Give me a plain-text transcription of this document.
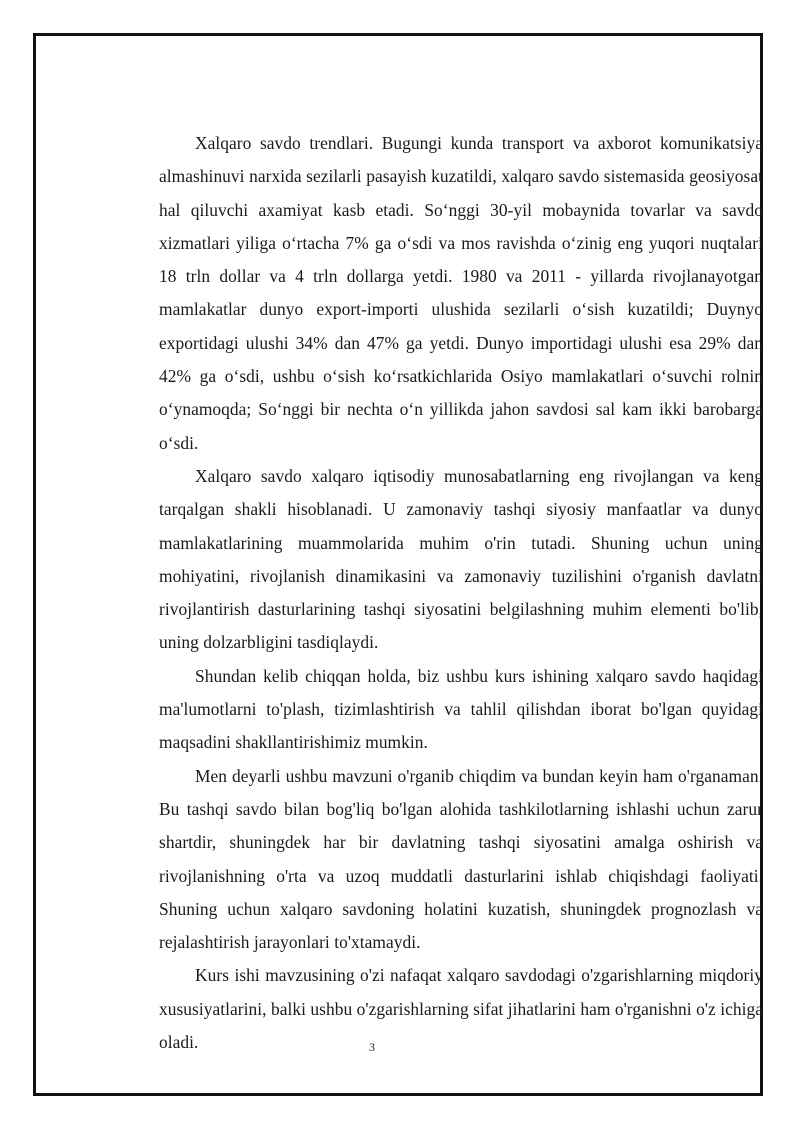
Xalqaro savdo trendlari. Bugungi kunda transport va axborot komunikatsiya almashinuvi narxida sezilarli pasayish kuzatildi, xalqaro savdo sistemasida geosiyosat hal qiluvchi axamiyat kasb etadi. So‘nggi 30-yil mobaynida tovarlar va savdo xizmatlari yiliga o‘rtacha 7% ga o‘sdi va mos ravishda o‘zinig eng yuqori nuqtalari 18 trln dollar va 4 trln dollarga yetdi. 1980 va 2011 - yillarda rivojlanayotgan mamlakatlar dunyo export-importi ulushida sezilarli o‘sish kuzatildi; Duynyo exportidagi ulushi 34% dan 47% ga yetdi. Dunyo importidagi ulushi esa 29% dan 42% ga o‘sdi, ushbu o‘sish ko‘rsatkichlarida Osiyo mamlakatlari o‘suvchi rolnin o‘ynamoqda; So‘nggi bir nechta o‘n yillikda jahon savdosi sal kam ikki barobarga o‘sdi.

Xalqaro savdo xalqaro iqtisodiy munosabatlarning eng rivojlangan va keng tarqalgan shakli hisoblanadi. U zamonaviy tashqi siyosiy manfaatlar va dunyo mamlakatlarining muammolarida muhim o'rin tutadi. Shuning uchun uning mohiyatini, rivojlanish dinamikasini va zamonaviy tuzilishini o'rganish davlatni rivojlantirish dasturlarining tashqi siyosatini belgilashning muhim elementi bo'lib, uning dolzarbligini tasdiqlaydi.

Shundan kelib chiqqan holda, biz ushbu kurs ishining xalqaro savdo haqidagi ma'lumotlarni to'plash, tizimlashtirish va tahlil qilishdan iborat bo'lgan quyidagi maqsadini shakllantirishimiz mumkin.

Men deyarli ushbu mavzuni o'rganib chiqdim va bundan keyin ham o'rganaman. Bu tashqi savdo bilan bog'liq bo'lgan alohida tashkilotlarning ishlashi uchun zarur shartdir, shuningdek har bir davlatning tashqi siyosatini amalga oshirish va rivojlanishning o'rta va uzoq muddatli dasturlarini ishlab chiqishdagi faoliyati. Shuning uchun xalqaro savdoning holatini kuzatish, shuningdek prognozlash va rejalashtirish jarayonlari to'xtamaydi.

Kurs ishi mavzusining o'zi nafaqat xalqaro savdodagi o'zgarishlarning miqdoriy xususiyatlarini, balki ushbu o'zgarishlarning sifat jihatlarini ham o'rganishni o'z ichiga oladi.	3
